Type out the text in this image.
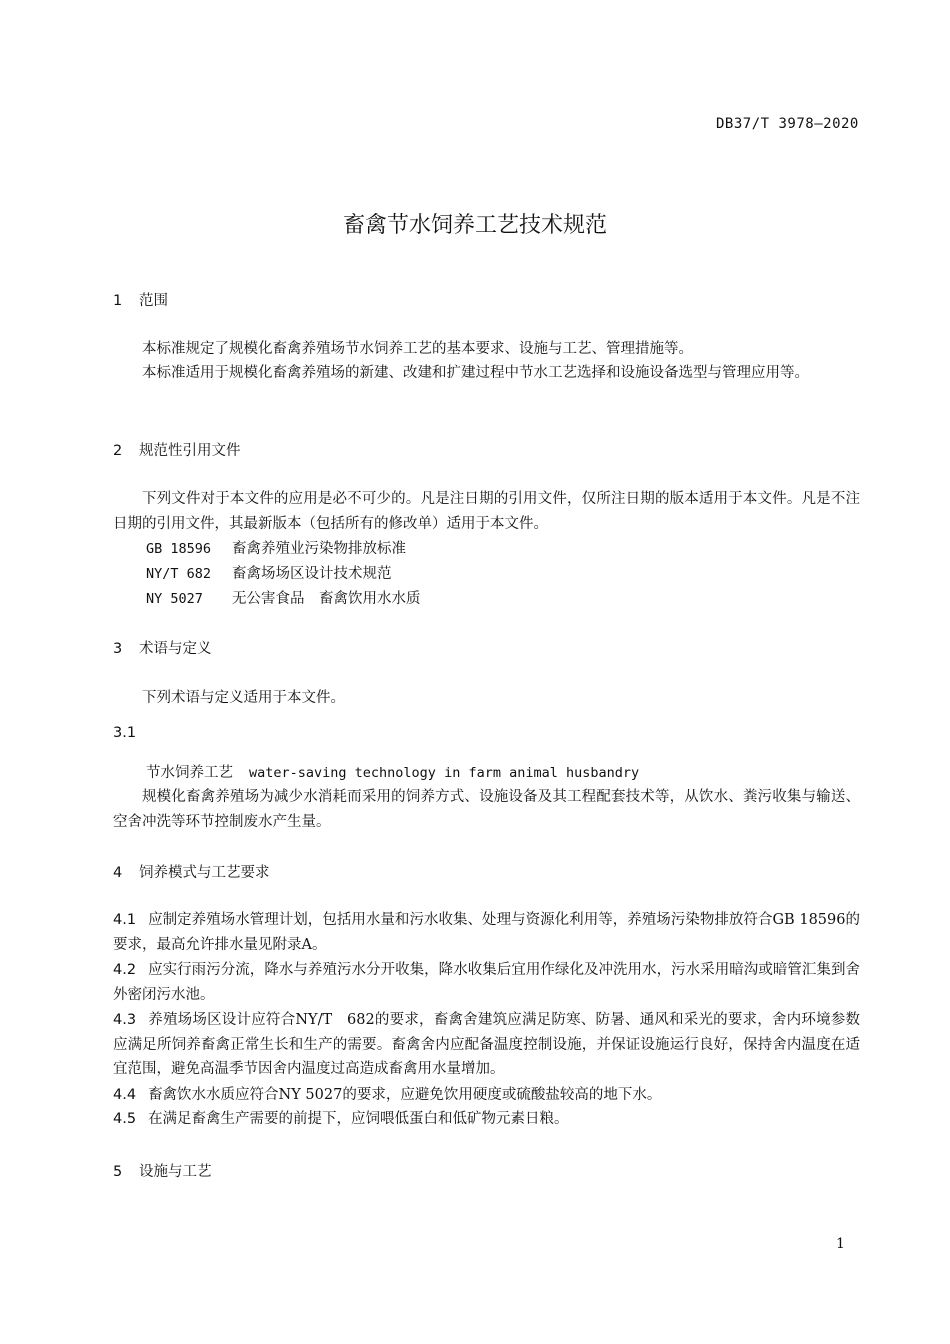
DB37/T 3978—2020
畜禽节水饲养工艺技术规范
1 范围
本标准规定了规模化畜禽养殖场节水饲养工艺的基本要求、设施与工艺、管理措施等。
本标准适用于规模化畜禽养殖场的新建、改建和扩建过程中节水工艺选择和设施设备选型与管理应用等。
2 规范性引用文件
下列文件对于本文件的应用是必不可少的。凡是注日期的引用文件，仅所注日期的版本适用于本文件。凡是不注日期的引用文件，其最新版本（包括所有的修改单）适用于本文件。
GB 18596 畜禽养殖业污染物排放标准
NY/T 682 畜禽场场区设计技术规范
NY 5027 无公害食品　畜禽饮用水水质
3 术语与定义
下列术语与定义适用于本文件。
3.1
节水饲养工艺 water-saving technology in farm animal husbandry
规模化畜禽养殖场为减少水消耗而采用的饲养方式、设施设备及其工程配套技术等，从饮水、粪污收集与输送、空舍冲洗等环节控制废水产生量。
4 饲养模式与工艺要求
4.1 应制定养殖场水管理计划，包括用水量和污水收集、处理与资源化利用等，养殖场污染物排放符合GB 18596的要求，最高允许排水量见附录A。
4.2 应实行雨污分流，降水与养殖污水分开收集，降水收集后宜用作绿化及冲洗用水，污水采用暗沟或暗管汇集到舍外密闭污水池。
4.3 养殖场场区设计应符合NY/T　682的要求，畜禽舍建筑应满足防寒、防暑、通风和采光的要求，舍内环境参数应满足所饲养畜禽正常生长和生产的需要。畜禽舍内应配备温度控制设施，并保证设施运行良好，保持舍内温度在适宜范围，避免高温季节因舍内温度过高造成畜禽用水量增加。
4.4 畜禽饮水水质应符合NY 5027的要求，应避免饮用硬度或硫酸盐较高的地下水。
4.5 在满足畜禽生产需要的前提下，应饲喂低蛋白和低矿物元素日粮。
5 设施与工艺
1
